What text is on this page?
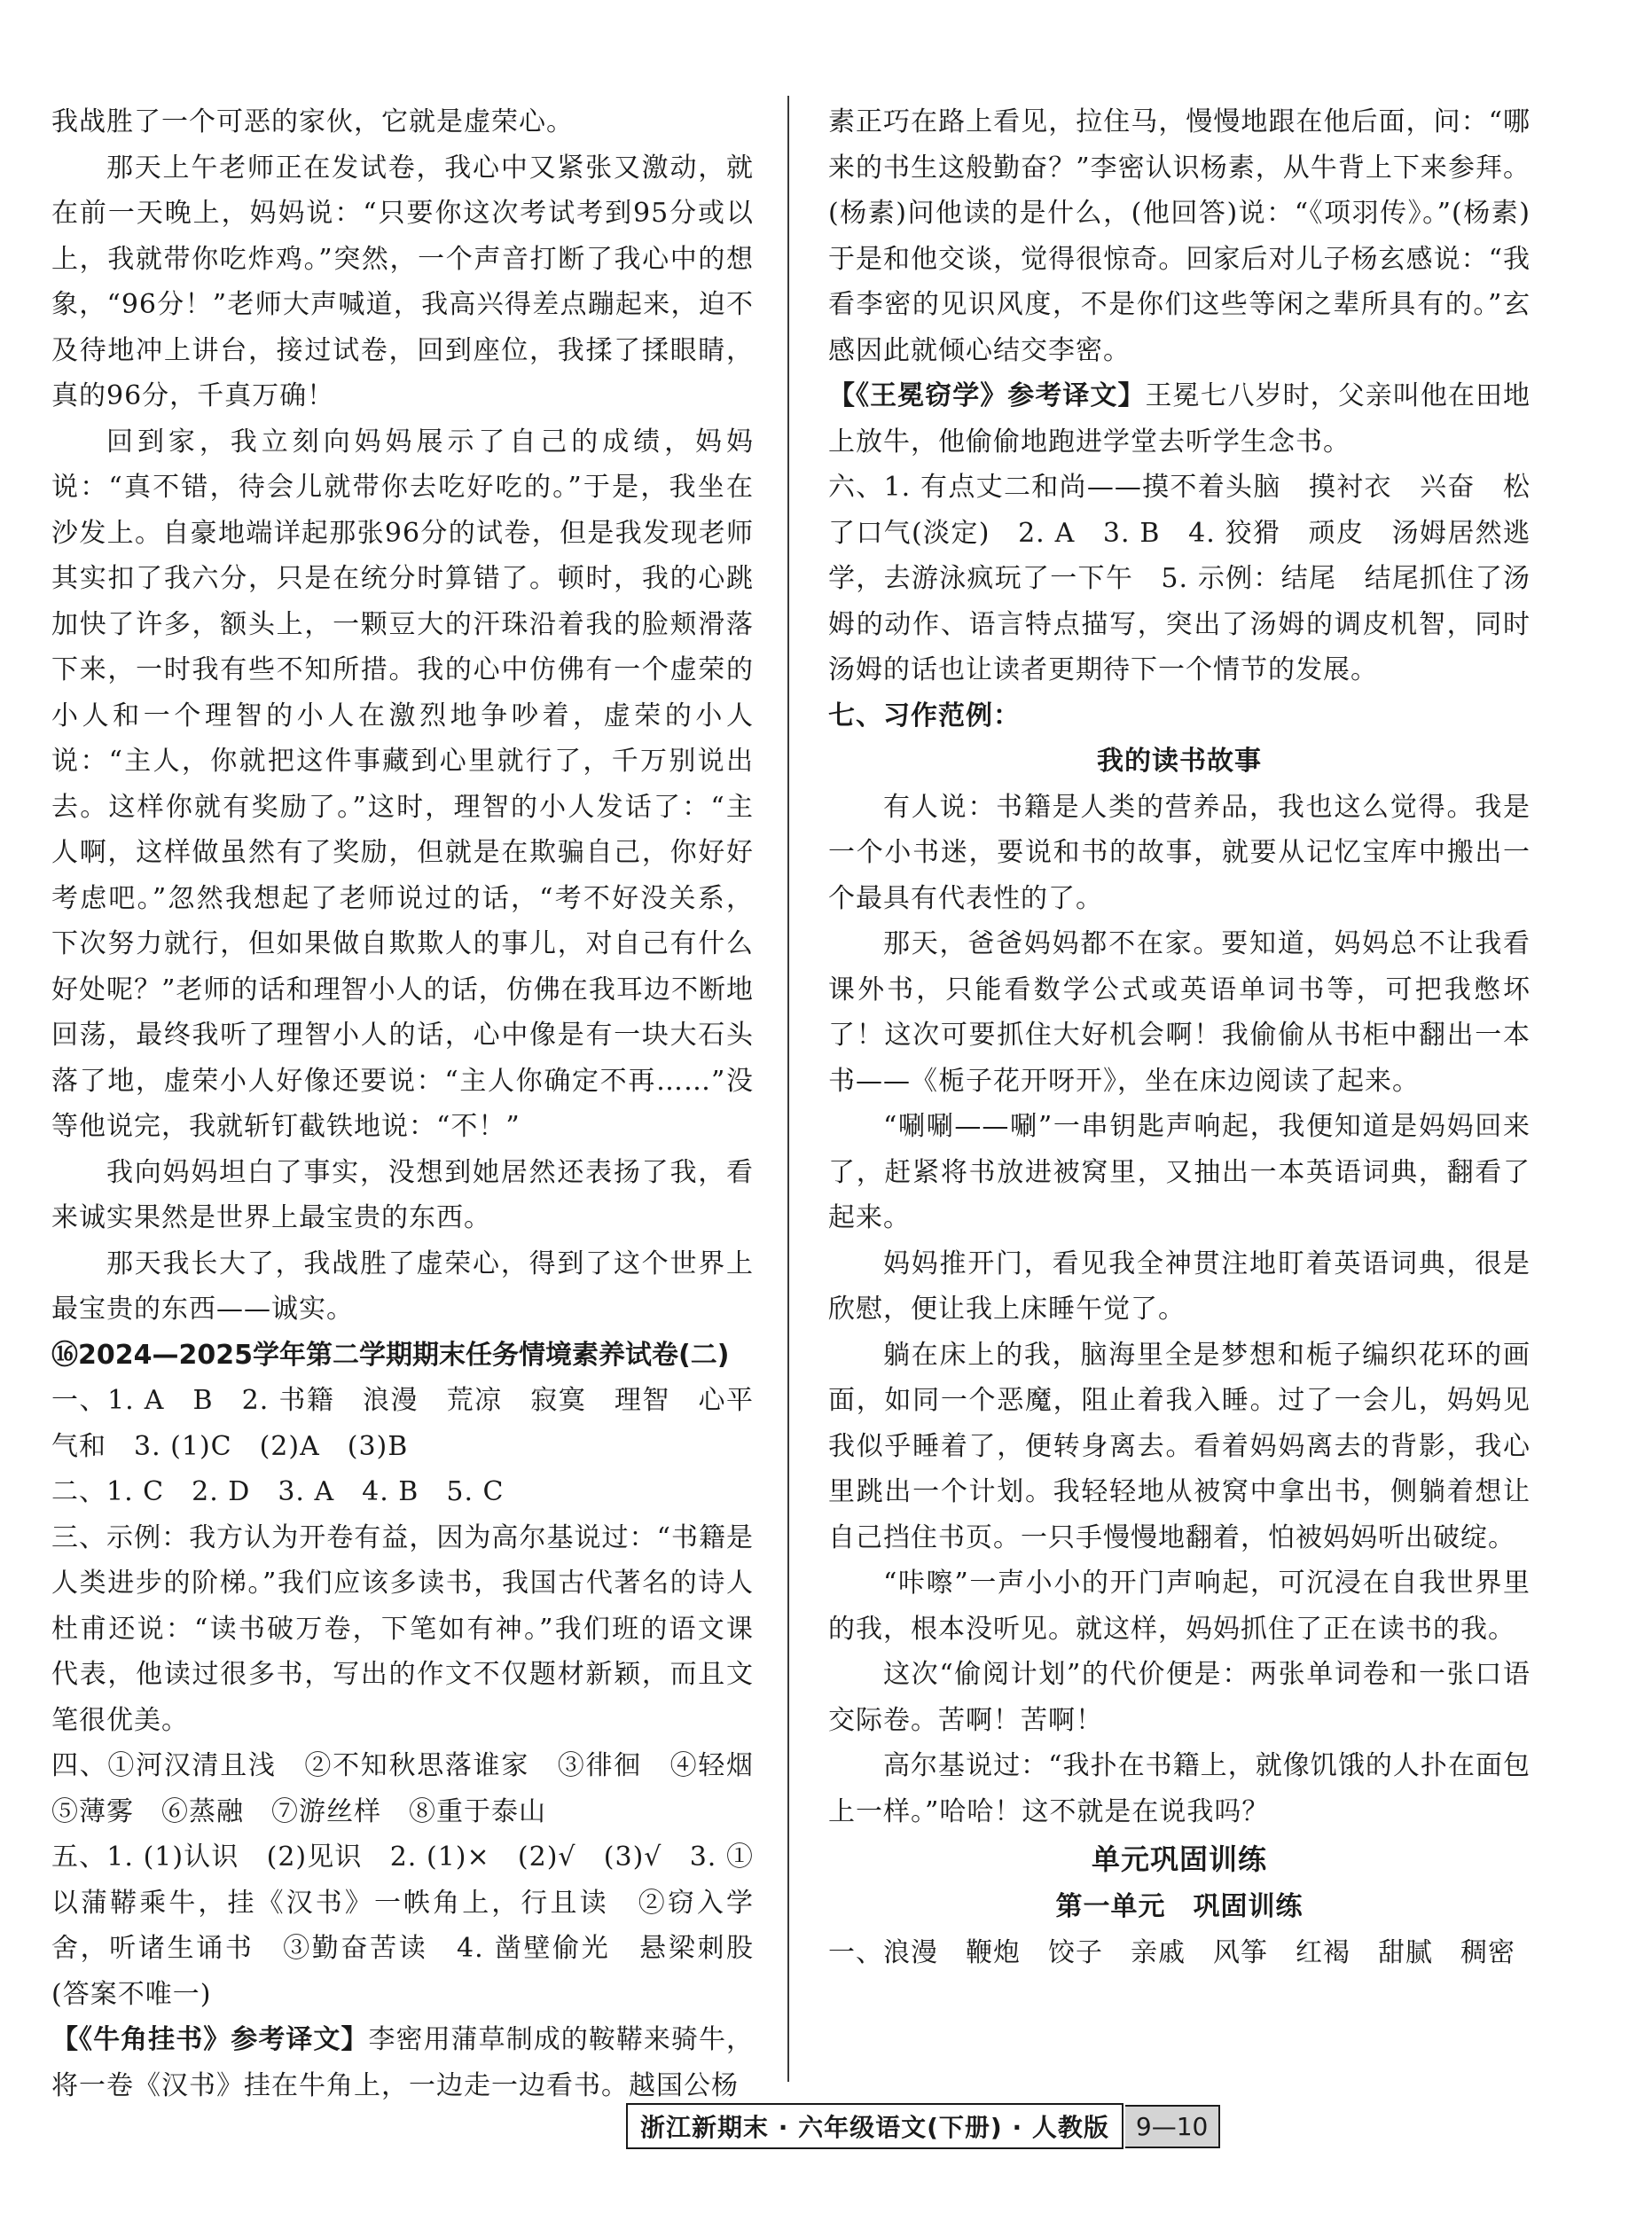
我战胜了一个可恶的家伙，它就是虚荣心。

那天上午老师正在发试卷，我心中又紧张又激动，就在前一天晚上，妈妈说：“只要你这次考试考到95分或以上，我就带你吃炸鸡。”突然，一个声音打断了我心中的想象，“96分！”老师大声喊道，我高兴得差点蹦起来，迫不及待地冲上讲台，接过试卷，回到座位，我揉了揉眼睛，真的96分，千真万确！

回到家，我立刻向妈妈展示了自己的成绩，妈妈说：“真不错，待会儿就带你去吃好吃的。”于是，我坐在沙发上。自豪地端详起那张96分的试卷，但是我发现老师其实扣了我六分，只是在统分时算错了。顿时，我的心跳加快了许多，额头上，一颗豆大的汗珠沿着我的脸颊滑落下来，一时我有些不知所措。我的心中仿佛有一个虚荣的小人和一个理智的小人在激烈地争吵着，虚荣的小人说：“主人，你就把这件事藏到心里就行了，千万别说出去。这样你就有奖励了。”这时，理智的小人发话了：“主人啊，这样做虽然有了奖励，但就是在欺骗自己，你好好考虑吧。”忽然我想起了老师说过的话，“考不好没关系，下次努力就行，但如果做自欺欺人的事儿，对自己有什么好处呢？”老师的话和理智小人的话，仿佛在我耳边不断地回荡，最终我听了理智小人的话，心中像是有一块大石头落了地，虚荣小人好像还要说：“主人你确定不再……”没等他说完，我就斩钉截铁地说：“不！”

我向妈妈坦白了事实，没想到她居然还表扬了我，看来诚实果然是世界上最宝贵的东西。

那天我长大了，我战胜了虚荣心，得到了这个世界上最宝贵的东西——诚实。

⑯2024—2025学年第二学期期末任务情境素养试卷(二)

一、1. A　B　2. 书籍　浪漫　荒凉　寂寞　理智　心平气和　3. (1)C　(2)A　(3)B

二、1. C　2. D　3. A　4. B　5. C

三、示例：我方认为开卷有益，因为高尔基说过：“书籍是人类进步的阶梯。”我们应该多读书，我国古代著名的诗人杜甫还说：“读书破万卷，下笔如有神。”我们班的语文课代表，他读过很多书，写出的作文不仅题材新颖，而且文笔很优美。

四、①河汉清且浅　②不知秋思落谁家　③徘徊　④轻烟　⑤薄雾　⑥蒸融　⑦游丝样　⑧重于泰山

五、1. (1)认识　(2)见识　2. (1)×　(2)√　(3)√　3. ①以蒲鞯乘牛，挂《汉书》一帙角上，行且读　②窃入学舍，听诸生诵书　③勤奋苦读　4. 凿壁偷光　悬梁刺股(答案不唯一)

【《牛角挂书》参考译文】李密用蒲草制成的鞍鞯来骑牛，将一卷《汉书》挂在牛角上，一边走一边看书。越国公杨

素正巧在路上看见，拉住马，慢慢地跟在他后面，问：“哪来的书生这般勤奋？”李密认识杨素，从牛背上下来参拜。(杨素)问他读的是什么，(他回答)说：“《项羽传》。”(杨素)于是和他交谈，觉得很惊奇。回家后对儿子杨玄感说：“我看李密的见识风度，不是你们这些等闲之辈所具有的。”玄感因此就倾心结交李密。

【《王冕窃学》参考译文】王冕七八岁时，父亲叫他在田地上放牛，他偷偷地跑进学堂去听学生念书。

六、1. 有点丈二和尚——摸不着头脑　摸衬衣　兴奋　松了口气(淡定)　2. A　3. B　4. 狡猾　顽皮　汤姆居然逃学，去游泳疯玩了一下午　5. 示例：结尾　结尾抓住了汤姆的动作、语言特点描写，突出了汤姆的调皮机智，同时汤姆的话也让读者更期待下一个情节的发展。

七、习作范例：

我的读书故事

有人说：书籍是人类的营养品，我也这么觉得。我是一个小书迷，要说和书的故事，就要从记忆宝库中搬出一个最具有代表性的了。

那天，爸爸妈妈都不在家。要知道，妈妈总不让我看课外书，只能看数学公式或英语单词书等，可把我憋坏了！这次可要抓住大好机会啊！我偷偷从书柜中翻出一本书——《栀子花开呀开》，坐在床边阅读了起来。

“唰唰——唰”一串钥匙声响起，我便知道是妈妈回来了，赶紧将书放进被窝里，又抽出一本英语词典，翻看了起来。

妈妈推开门，看见我全神贯注地盯着英语词典，很是欣慰，便让我上床睡午觉了。

躺在床上的我，脑海里全是梦想和栀子编织花环的画面，如同一个恶魔，阻止着我入睡。过了一会儿，妈妈见我似乎睡着了，便转身离去。看着妈妈离去的背影，我心里跳出一个计划。我轻轻地从被窝中拿出书，侧躺着想让自己挡住书页。一只手慢慢地翻着，怕被妈妈听出破绽。

“咔嚓”一声小小的开门声响起，可沉浸在自我世界里的我，根本没听见。就这样，妈妈抓住了正在读书的我。

这次“偷阅计划”的代价便是：两张单词卷和一张口语交际卷。苦啊！苦啊！

高尔基说过：“我扑在书籍上，就像饥饿的人扑在面包上一样。”哈哈！这不就是在说我吗？

单元巩固训练

第一单元　巩固训练

一、浪漫　鞭炮　饺子　亲戚　风筝　红褐　甜腻　稠密

浙江新期末 · 六年级语文(下册) · 人教版	9—10
